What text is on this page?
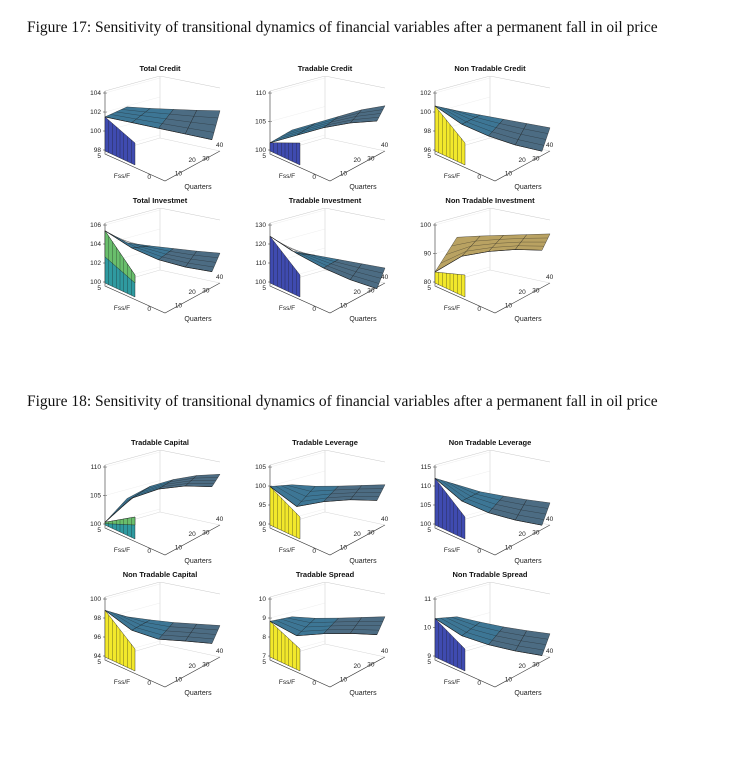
Figure 17: Sensitivity of transitional dynamics of financial variables after a permanent fall in oil price
Total Credit
104
102
100
98
5
0
Fss/F	10
20 30
40
Quarters
Tradable Credit
110
105
100
5
0
Fss/F	10
20 30
40
Quarters
Non Tradable Credit
102
100
98
96
5
0
Fss/F	10
20 30
40
Quarters
Total Investmet
106
104
102
100
5
0
Fss/F	10
20 30
40
Quarters
Tradable Investment
130
120
110
100
5
0
Fss/F	10
20 30
40
Quarters
Non Tradable Investment
100
90
80
5
0
Fss/F	10
20 30
40
Quarters
Figure 18: Sensitivity of transitional dynamics of financial variables after a permanent fall in oil price
Tradable Capital
110
105
100
5
0
Fss/F	10
20 30
40
Quarters
Tradable Leverage
105
100
95
90
5
0
Fss/F	10
20 30
40
Quarters
Non Tradable Leverage
115
110
105
100
5
0
Fss/F	10
20 30
40
Quarters
Non Tradable Capital
100
98
96
94
5
0
Fss/F	10
20 30
40
Quarters
Tradable Spread
10
9
8
7
5
0
Fss/F	10
20 30
40
Quarters
Non Tradable Spread
11
10
9
5
0
Fss/F	10
20 30
40
Quarters
